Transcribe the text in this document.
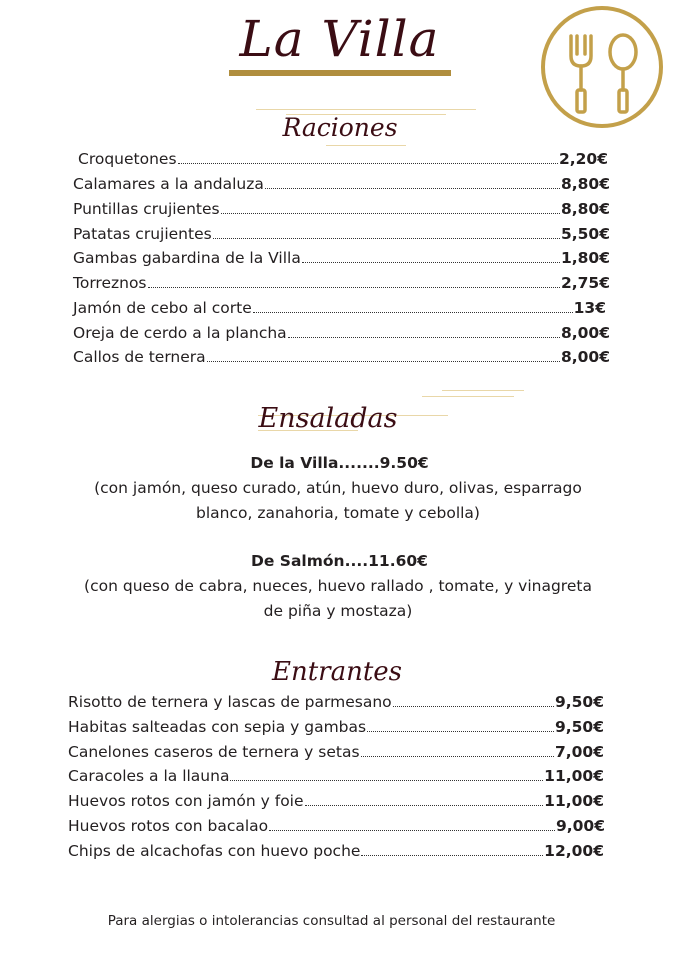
La Villa
Raciones
Croquetones	2,20€
Calamares a la andaluza	8,80€
Puntillas crujientes	8,80€
Patatas crujientes	5,50€
Gambas gabardina de la Villa	1,80€
Torreznos	2,75€
Jamón de cebo al corte	13€
Oreja de cerdo a la plancha	8,00€
Callos de ternera	8,00€
Ensaladas
De la Villa.......9.50€
(con jamón, queso curado, atún, huevo duro, olivas, esparrago
blanco, zanahoria, tomate y cebolla)
De Salmón....11.60€
(con queso de cabra, nueces, huevo rallado , tomate, y vinagreta
de piña y mostaza)
Entrantes
Risotto de ternera y lascas de parmesano	9,50€
Habitas salteadas con sepia y gambas	9,50€
Canelones caseros de ternera y setas	7,00€
Caracoles a la llauna	11,00€
Huevos rotos con jamón y foie	11,00€
Huevos rotos con bacalao	9,00€
Chips de alcachofas con huevo poche	12,00€
Para alergias o intolerancias consultad al personal del restaurante
